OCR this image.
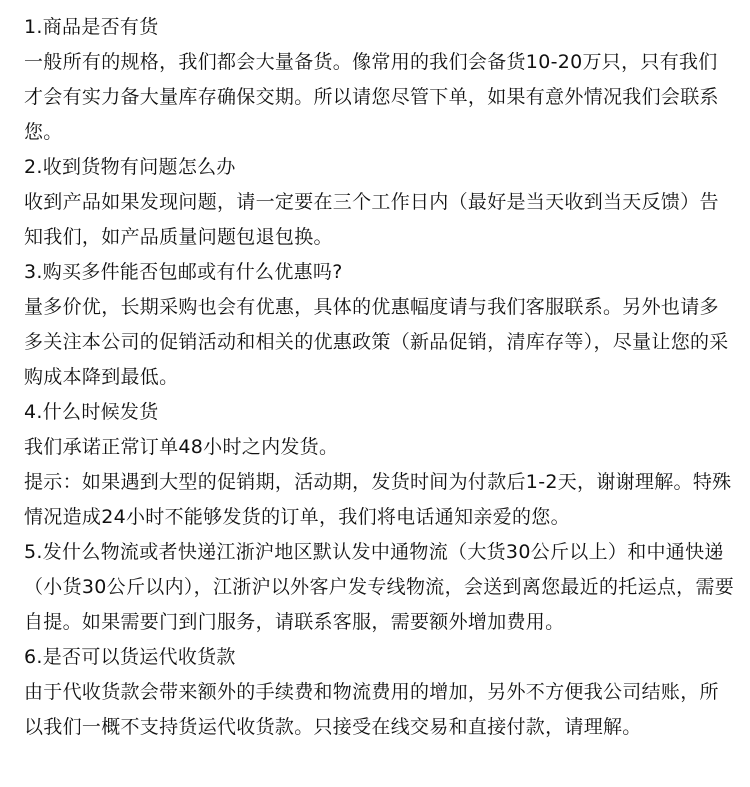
1.商品是否有货

一般所有的规格，我们都会大量备货。像常用的我们会备货10-20万只，只有我们才会有实力备大量库存确保交期。所以请您尽管下单，如果有意外情况我们会联系您。

2.收到货物有问题怎么办

收到产品如果发现问题，请一定要在三个工作日内（最好是当天收到当天反馈）告知我们，如产品质量问题包退包换。

3.购买多件能否包邮或有什么优惠吗?

量多价优，长期采购也会有优惠，具体的优惠幅度请与我们客服联系。另外也请多多关注本公司的促销活动和相关的优惠政策（新品促销，清库存等），尽量让您的采购成本降到最低。

4.什么时候发货

我们承诺正常订单48小时之内发货。

提示：如果遇到大型的促销期，活动期，发货时间为付款后1-2天，谢谢理解。特殊情况造成24小时不能够发货的订单，我们将电话通知亲爱的您。

5.发什么物流或者快递江浙沪地区默认发中通物流（大货30公斤以上）和中通快递（小货30公斤以内），江浙沪以外客户发专线物流，会送到离您最近的托运点，需要自提。如果需要门到门服务，请联系客服，需要额外增加费用。

6.是否可以货运代收货款

由于代收货款会带来额外的手续费和物流费用的增加，另外不方便我公司结账，所以我们一概不支持货运代收货款。只接受在线交易和直接付款，请理解。
